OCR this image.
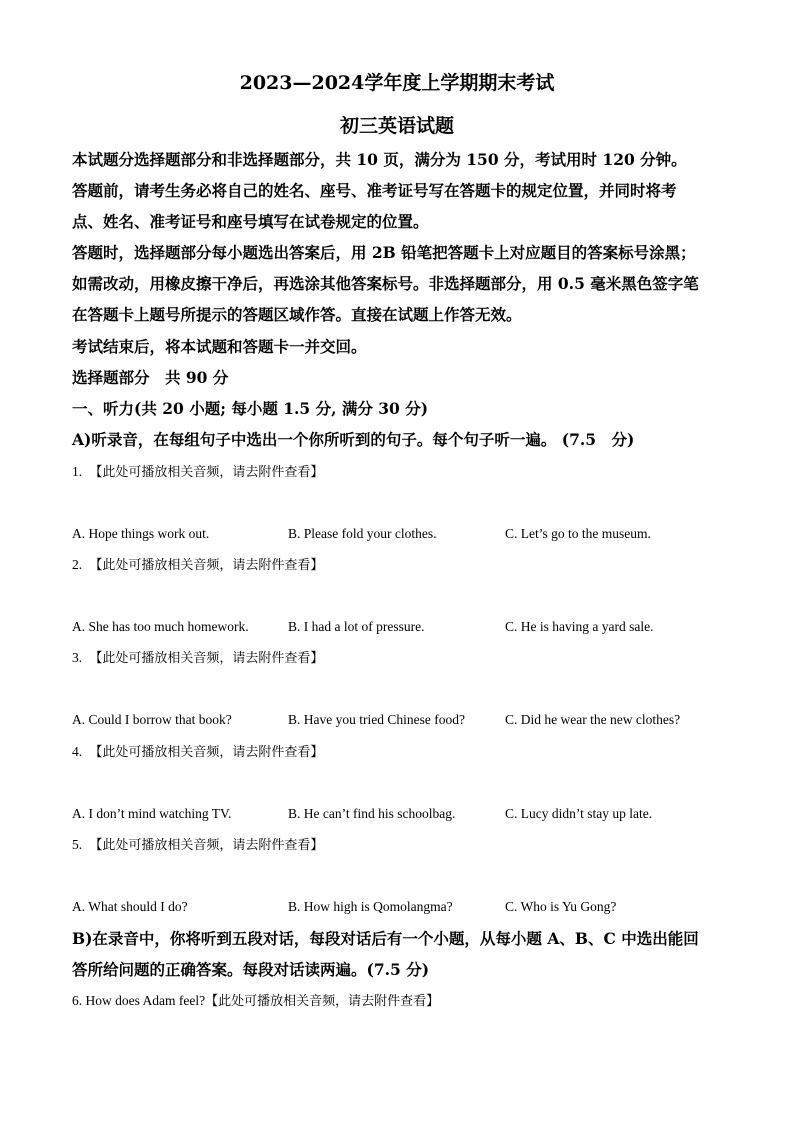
2023—2024学年度上学期期末考试
初三英语试题
本试题分选择题部分和非选择题部分，共 10 页，满分为 150 分，考试用时 120 分钟。
答题前，请考生务必将自己的姓名、座号、准考证号写在答题卡的规定位置，并同时将考
点、姓名、准考证号和座号填写在试卷规定的位置。
答题时，选择题部分每小题选出答案后，用 2B 铅笔把答题卡上对应题目的答案标号涂黑；
如需改动，用橡皮擦干净后，再选涂其他答案标号。非选择题部分，用 0.5 毫米黑色签字笔
在答题卡上题号所提示的答题区域作答。直接在试题上作答无效。
考试结束后，将本试题和答题卡一并交回。
选择题部分　共 90 分
一、听力(共 20 小题; 每小题 1.5 分, 满分 30 分)
A)听录音，在每组句子中选出一个你所听到的句子。每个句子听一遍。 (7.5　分)
1. 【此处可播放相关音频，请去附件查看】
A. Hope things work out.	B. Please fold your clothes.	C. Let’s go to the museum.
2. 【此处可播放相关音频，请去附件查看】
A. She has too much homework.	B. I had a lot of pressure.	C. He is having a yard sale.
3. 【此处可播放相关音频，请去附件查看】
A. Could I borrow that book?	B. Have you tried Chinese food?	C. Did he wear the new clothes?
4. 【此处可播放相关音频，请去附件查看】
A. I don’t mind watching TV.	B. He can’t find his schoolbag.	C. Lucy didn’t stay up late.
5. 【此处可播放相关音频，请去附件查看】
A. What should I do?	B. How high is Qomolangma?	C. Who is Yu Gong?
B)在录音中，你将听到五段对话，每段对话后有一个小题，从每小题 A、B、C 中选出能回
答所给问题的正确答案。每段对话读两遍。(7.5 分)
6. How does Adam feel?【此处可播放相关音频，请去附件查看】
